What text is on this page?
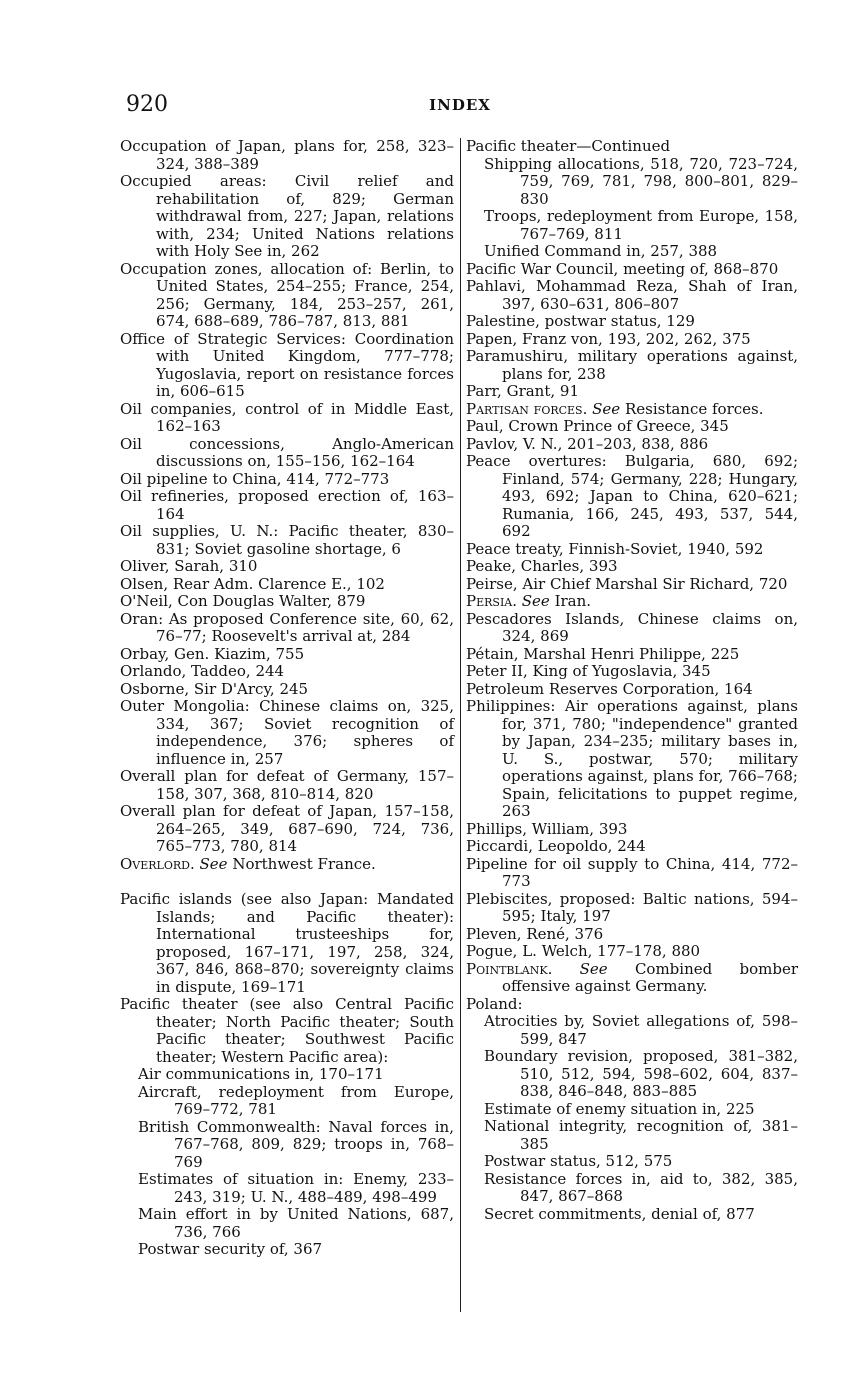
920	INDEX

Occupation of Japan, plans for, 258, 323–324, 388–389

Occupied areas: Civil relief and rehabilitation of, 829; German withdrawal from, 227; Japan, relations with, 234; United Nations relations with Holy See in, 262

Occupation zones, allocation of: Berlin, to United States, 254–255; France, 254, 256; Germany, 184, 253–257, 261, 674, 688–689, 786–787, 813, 881

Office of Strategic Services: Coordination with United Kingdom, 777–778; Yugoslavia, report on resistance forces in, 606–615

Oil companies, control of in Middle East, 162–163

Oil concessions, Anglo-American discussions on, 155–156, 162–164

Oil pipeline to China, 414, 772–773

Oil refineries, proposed erection of, 163–164

Oil supplies, U. N.: Pacific theater, 830–831; Soviet gasoline shortage, 6

Oliver, Sarah, 310

Olsen, Rear Adm. Clarence E., 102

O'Neil, Con Douglas Walter, 879

Oran: As proposed Conference site, 60, 62, 76–77; Roosevelt's arrival at, 284

Orbay, Gen. Kiazim, 755

Orlando, Taddeo, 244

Osborne, Sir D'Arcy, 245

Outer Mongolia: Chinese claims on, 325, 334, 367; Soviet recognition of independence, 376; spheres of influence in, 257

Overall plan for defeat of Germany, 157–158, 307, 368, 810–814, 820

Overall plan for defeat of Japan, 157–158, 264–265, 349, 687–690, 724, 736, 765–773, 780, 814

Overlord. See Northwest France.

Pacific islands (see also Japan: Mandated Islands; and Pacific theater): International trusteeships for, proposed, 167–171, 197, 258, 324, 367, 846, 868–870; sovereignty claims in dispute, 169–171

Pacific theater (see also Central Pacific theater; North Pacific theater; South Pacific theater; Southwest Pacific theater; Western Pacific area):

Air communications in, 170–171

Aircraft, redeployment from Europe, 769–772, 781

British Commonwealth: Naval forces in, 767–768, 809, 829; troops in, 768–769

Estimates of situation in: Enemy, 233–243, 319; U. N., 488–489, 498–499

Main effort in by United Nations, 687, 736, 766

Postwar security of, 367

Pacific theater—Continued

Shipping allocations, 518, 720, 723–724, 759, 769, 781, 798, 800–801, 829–830

Troops, redeployment from Europe, 158, 767–769, 811

Unified Command in, 257, 388

Pacific War Council, meeting of, 868–870

Pahlavi, Mohammad Reza, Shah of Iran, 397, 630–631, 806–807

Palestine, postwar status, 129

Papen, Franz von, 193, 202, 262, 375

Paramushiru, military operations against, plans for, 238

Parr, Grant, 91

Partisan forces. See Resistance forces.

Paul, Crown Prince of Greece, 345

Pavlov, V. N., 201–203, 838, 886

Peace overtures: Bulgaria, 680, 692; Finland, 574; Germany, 228; Hungary, 493, 692; Japan to China, 620–621; Rumania, 166, 245, 493, 537, 544, 692

Peace treaty, Finnish-Soviet, 1940, 592

Peake, Charles, 393

Peirse, Air Chief Marshal Sir Richard, 720

Persia. See Iran.

Pescadores Islands, Chinese claims on, 324, 869

Pétain, Marshal Henri Philippe, 225

Peter II, King of Yugoslavia, 345

Petroleum Reserves Corporation, 164

Philippines: Air operations against, plans for, 371, 780; "independence" granted by Japan, 234–235; military bases in, U. S., postwar, 570; military operations against, plans for, 766–768; Spain, felicitations to puppet regime, 263

Phillips, William, 393

Piccardi, Leopoldo, 244

Pipeline for oil supply to China, 414, 772–773

Plebiscites, proposed: Baltic nations, 594–595; Italy, 197

Pleven, René, 376

Pogue, L. Welch, 177–178, 880

Pointblank. See Combined bomber offensive against Germany.

Poland:

Atrocities by, Soviet allegations of, 598–599, 847

Boundary revision, proposed, 381–382, 510, 512, 594, 598–602, 604, 837–838, 846–848, 883–885

Estimate of enemy situation in, 225

National integrity, recognition of, 381–385

Postwar status, 512, 575

Resistance forces in, aid to, 382, 385, 847, 867–868

Secret commitments, denial of, 877
